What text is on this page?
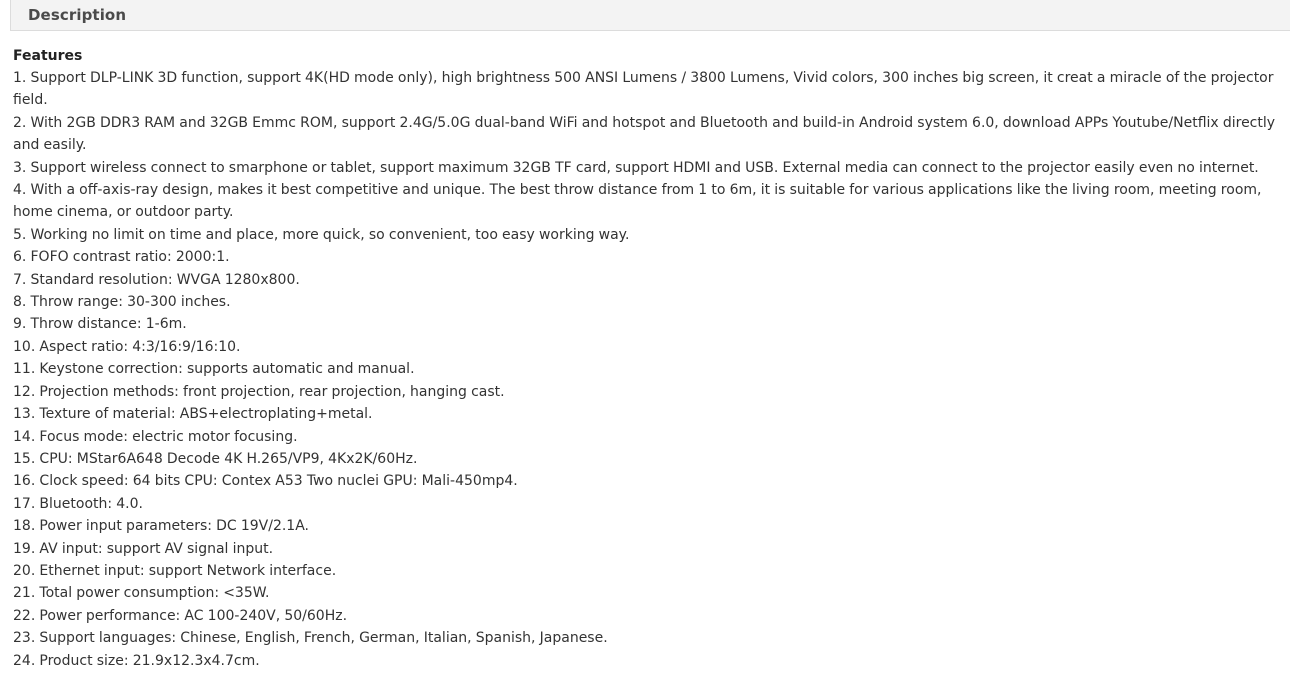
Description
Features
1. Support DLP-LINK 3D function, support 4K(HD mode only), high brightness 500 ANSI Lumens / 3800 Lumens, Vivid colors, 300 inches big screen, it creat a miracle of the projector field.
2. With 2GB DDR3 RAM and 32GB Emmc ROM, support 2.4G/5.0G dual-band WiFi and hotspot and Bluetooth and build-in Android system 6.0, download APPs Youtube/Netflix directly and easily.
3. Support wireless connect to smarphone or tablet, support maximum 32GB TF card, support HDMI and USB. External media can connect to the projector easily even no internet.
4. With a off-axis-ray design, makes it best competitive and unique. The best throw distance from 1 to 6m, it is suitable for various applications like the living room, meeting room, home cinema, or outdoor party.
5. Working no limit on time and place, more quick, so convenient, too easy working way.
6. FOFO contrast ratio: 2000:1.
7. Standard resolution: WVGA 1280x800.
8. Throw range: 30-300 inches.
9. Throw distance: 1-6m.
10. Aspect ratio: 4:3/16:9/16:10.
11. Keystone correction: supports automatic and manual.
12. Projection methods: front projection, rear projection, hanging cast.
13. Texture of material: ABS+electroplating+metal.
14. Focus mode: electric motor focusing.
15. CPU: MStar6A648 Decode 4K H.265/VP9, 4Kx2K/60Hz.
16. Clock speed: 64 bits CPU: Contex A53 Two nuclei GPU: Mali-450mp4.
17. Bluetooth: 4.0.
18. Power input parameters: DC 19V/2.1A.
19. AV input: support AV signal input.
20. Ethernet input: support Network interface.
21. Total power consumption: <35W.
22. Power performance: AC 100-240V, 50/60Hz.
23. Support languages: Chinese, English, French, German, Italian, Spanish, Japanese.
24. Product size: 21.9x12.3x4.7cm.
